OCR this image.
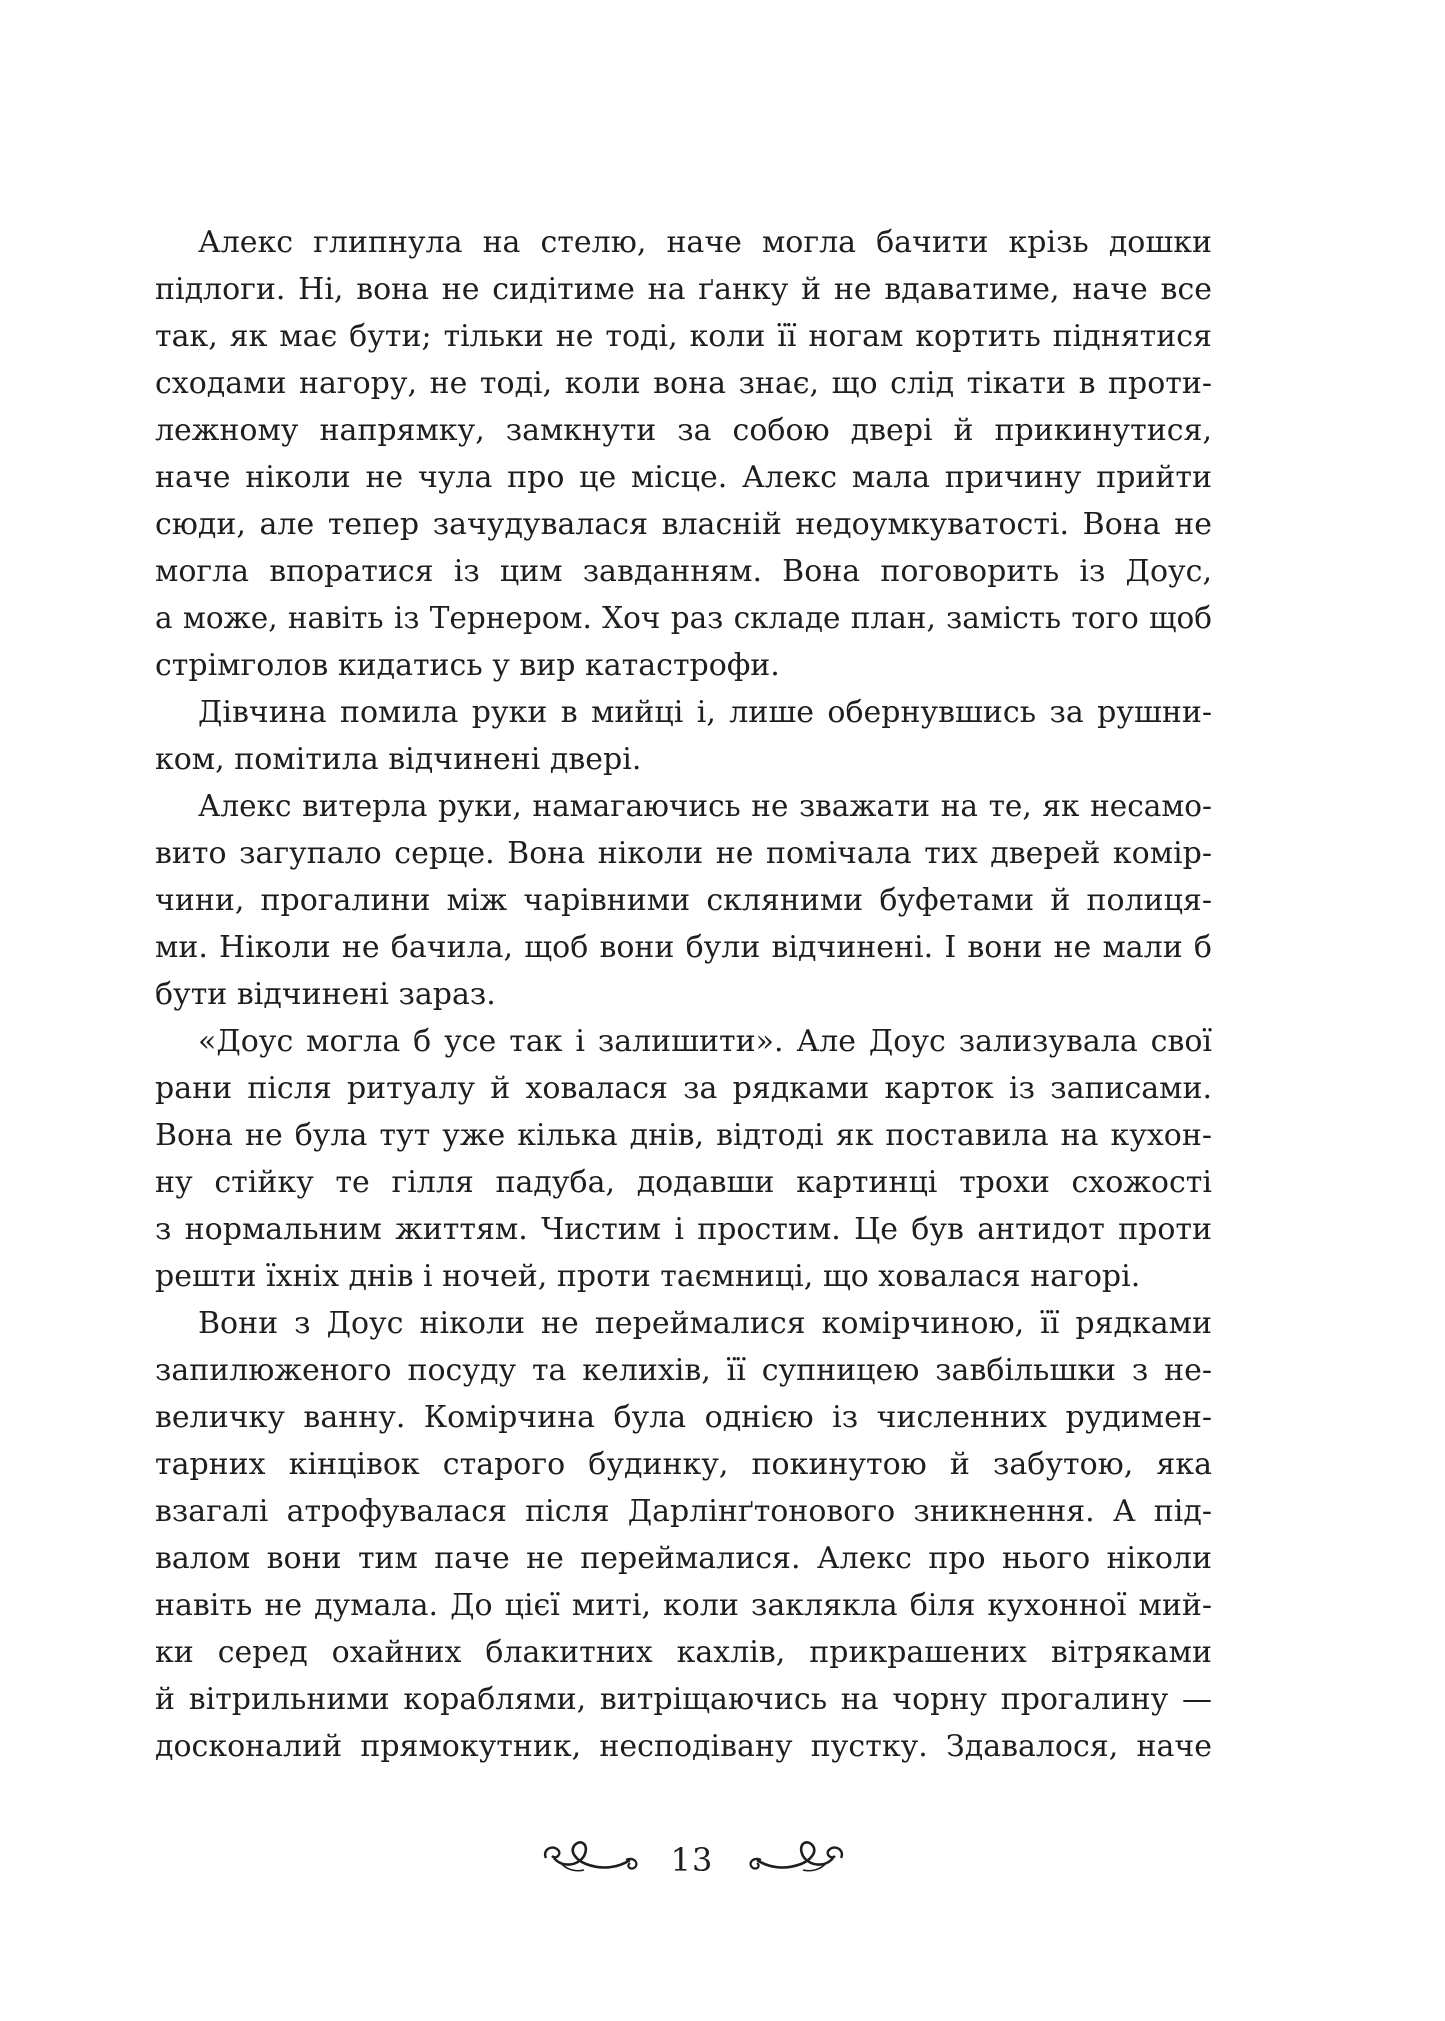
Алекс глипнула на стелю, наче могла бачити крізь дошки
підлоги. Ні, вона не сидітиме на ґанку й не вдаватиме, наче все
так, як має бути; тільки не тоді, коли її ногам кортить піднятися
сходами нагору, не тоді, коли вона знає, що слід тікати в проти-
лежному напрямку, замкнути за собою двері й прикинутися,
наче ніколи не чула про це місце. Алекс мала причину прийти
сюди, але тепер зачудувалася власній недоумкуватості. Вона не
могла впоратися із цим завданням. Вона поговорить із Доус,
а може, навіть із Тернером. Хоч раз складе план, замість того щоб
стрімголов кидатись у вир катастрофи.

Дівчина помила руки в мийці і, лише обернувшись за рушни-
ком, помітила відчинені двері.

Алекс витерла руки, намагаючись не зважати на те, як несамо-
вито загупало серце. Вона ніколи не помічала тих дверей комір-
чини, прогалини між чарівними скляними буфетами й полиця-
ми. Ніколи не бачила, щоб вони були відчинені. І вони не мали б
бути відчинені зараз.

«Доус могла б усе так і залишити». Але Доус зализувала свої
рани після ритуалу й ховалася за рядками карток із записами.
Вона не була тут уже кілька днів, відтоді як поставила на кухон-
ну стійку те гілля падуба, додавши картинці трохи схожості
з нормальним життям. Чистим і простим. Це був антидот проти
решти їхніх днів і ночей, проти таємниці, що ховалася нагорі.

Вони з Доус ніколи не переймалися комірчиною, її рядками
запилюженого посуду та келихів, її супницею завбільшки з не-
величку ванну. Комірчина була однією із численних рудимен-
тарних кінцівок старого будинку, покинутою й забутою, яка
взагалі атрофувалася після Дарлінґтонового зникнення. А під-
валом вони тим паче не переймалися. Алекс про нього ніколи
навіть не думала. До цієї миті, коли заклякла біля кухонної мий-
ки серед охайних блакитних кахлів, прикрашених вітряками
й вітрильними кораблями, витріщаючись на чорну прогалину —
досконалий прямокутник, несподівану пустку. Здавалося, наче

13
